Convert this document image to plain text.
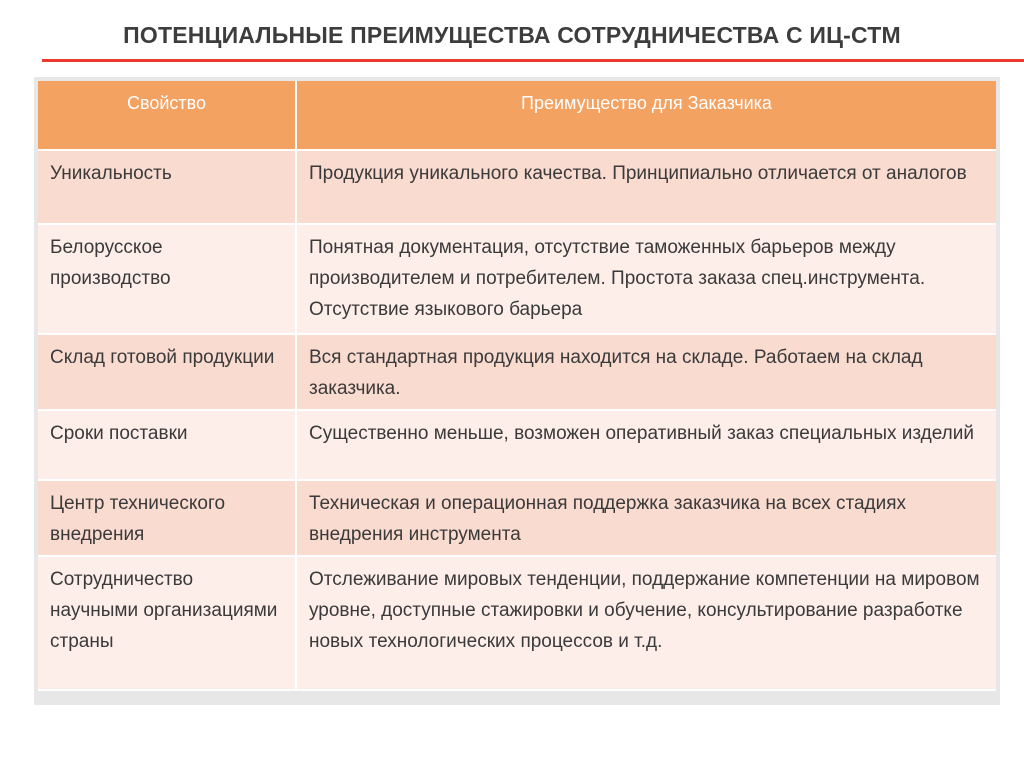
ПОТЕНЦИАЛЬНЫЕ ПРЕИМУЩЕСТВА СОТРУДНИЧЕСТВА С ИЦ-СТМ
Свойство	Преимущество для Заказчика
Уникальность	Продукция уникального качества. Принципиально отличается от аналогов
Белорусское производство	Понятная документация, отсутствие таможенных барьеров между производителем и потребителем. Простота заказа спец.инструмента. Отсутствие языкового барьера
Склад готовой продукции	Вся стандартная продукция находится на складе. Работаем на склад заказчика.
Сроки поставки	Существенно меньше, возможен оперативный заказ специальных изделий
Центр технического внедрения	Техническая и операционная поддержка заказчика на всех стадиях внедрения инструмента
Сотрудничество научными организациями страны	Отслеживание мировых тенденции, поддержание компетенции на мировом уровне, доступные стажировки и обучение, консультирование разработке новых технологических процессов и т.д.
